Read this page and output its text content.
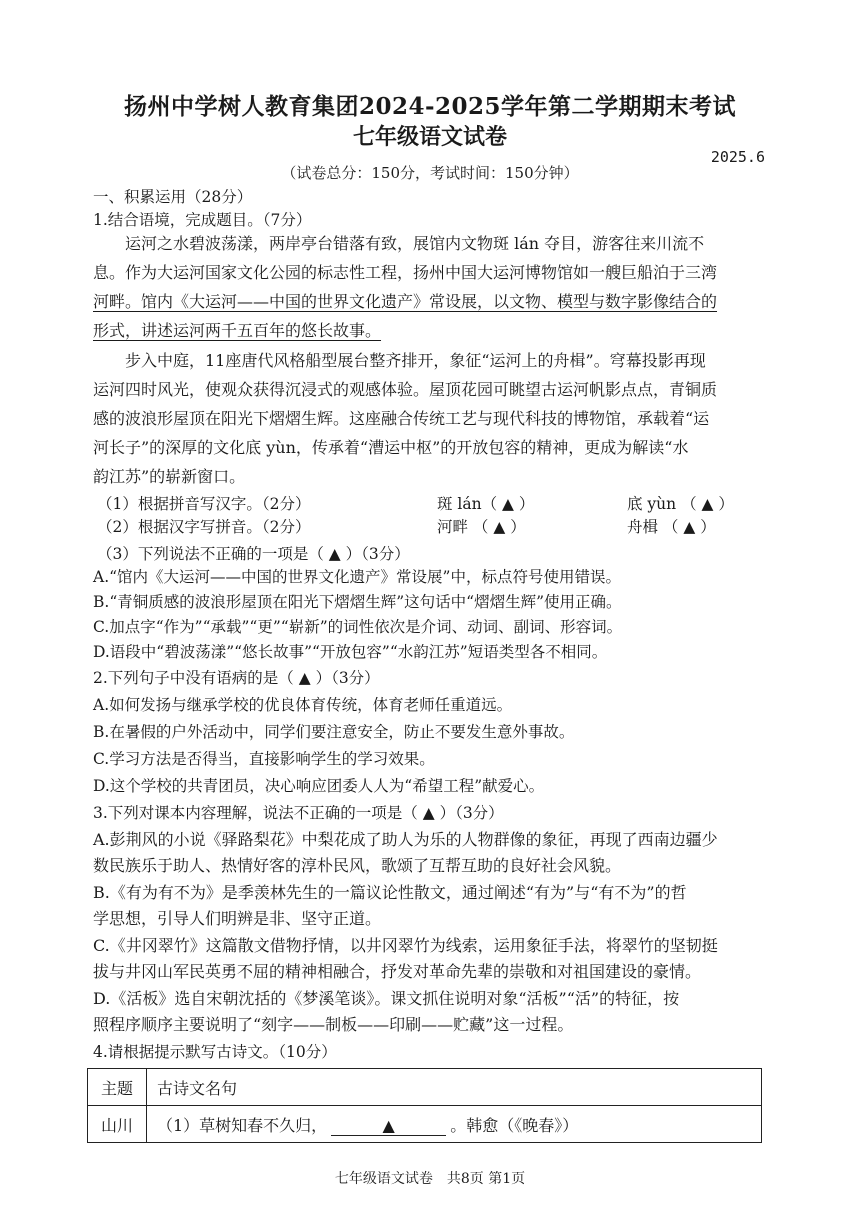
扬州中学树人教育集团2024-2025学年第二学期期末考试
七年级语文试卷
2025.6
（试卷总分：150分，考试时间：150分钟）
一、积累运用（28分）
1.结合语境，完成题目。（7分）
运河之水碧波荡漾，两岸亭台错落有致，展馆内文物斑 lán 夺目，游客往来川流不
息。作为大运河国家文化公园的标志性工程，扬州中国大运河博物馆如一艘巨船泊于三湾
河畔。馆内《大运河——中国的世界文化遗产》常设展，以文物、模型与数字影像结合的
形式，讲述运河两千五百年的悠长故事。
步入中庭，11座唐代风格船型展台整齐排开，象征“运河上的舟楫”。穹幕投影再现
运河四时风光，使观众获得沉浸式的观感体验。屋顶花园可眺望古运河帆影点点，青铜质
感的波浪形屋顶在阳光下熠熠生辉。这座融合传统工艺与现代科技的博物馆，承载着“运
河长子”的深厚的文化底 yùn，传承着“漕运中枢”的开放包容的精神，更成为解读“水
韵江苏”的崭新窗口。
（1）根据拼音写汉字。（2分）	斑 lán（ ▲ ）	底 yùn （ ▲ ）
（2）根据汉字写拼音。（2分）	河畔 （ ▲ ）	舟楫 （ ▲ ）
（3）下列说法不正确的一项是（ ▲ ）（3分）
A.“馆内《大运河——中国的世界文化遗产》常设展”中，标点符号使用错误。
B.“青铜质感的波浪形屋顶在阳光下熠熠生辉”这句话中“熠熠生辉”使用正确。
C.加点字“作为”“承载”“更”“崭新”的词性依次是介词、动词、副词、形容词。
D.语段中“碧波荡漾”“悠长故事”“开放包容”“水韵江苏”短语类型各不相同。
2.下列句子中没有语病的是（ ▲ ）（3分）
A.如何发扬与继承学校的优良体育传统，体育老师任重道远。
B.在暑假的户外活动中，同学们要注意安全，防止不要发生意外事故。
C.学习方法是否得当，直接影响学生的学习效果。
D.这个学校的共青团员，决心响应团委人人为“希望工程”献爱心。
3.下列对课本内容理解，说法不正确的一项是（ ▲ ）（3分）
A.彭荆风的小说《驿路梨花》中梨花成了助人为乐的人物群像的象征，再现了西南边疆少
数民族乐于助人、热情好客的淳朴民风，歌颂了互帮互助的良好社会风貌。
B.《有为有不为》是季羡林先生的一篇议论性散文，通过阐述“有为”与“有不为”的哲
学思想，引导人们明辨是非、坚守正道。
C.《井冈翠竹》这篇散文借物抒情，以井冈翠竹为线索，运用象征手法，将翠竹的坚韧挺
拔与井冈山军民英勇不屈的精神相融合，抒发对革命先辈的崇敬和对祖国建设的豪情。
D.《活板》选自宋朝沈括的《梦溪笔谈》。课文抓住说明对象“活板”“活”的特征，按
照程序顺序主要说明了“刻字——制板——印刷——贮藏”这一过程。
4.请根据提示默写古诗文。（10分）
主题	古诗文名句
山川	（1）草树知春不久归， ▲ 。韩愈（《晚春》）
七年级语文试卷　共8页 第1页
